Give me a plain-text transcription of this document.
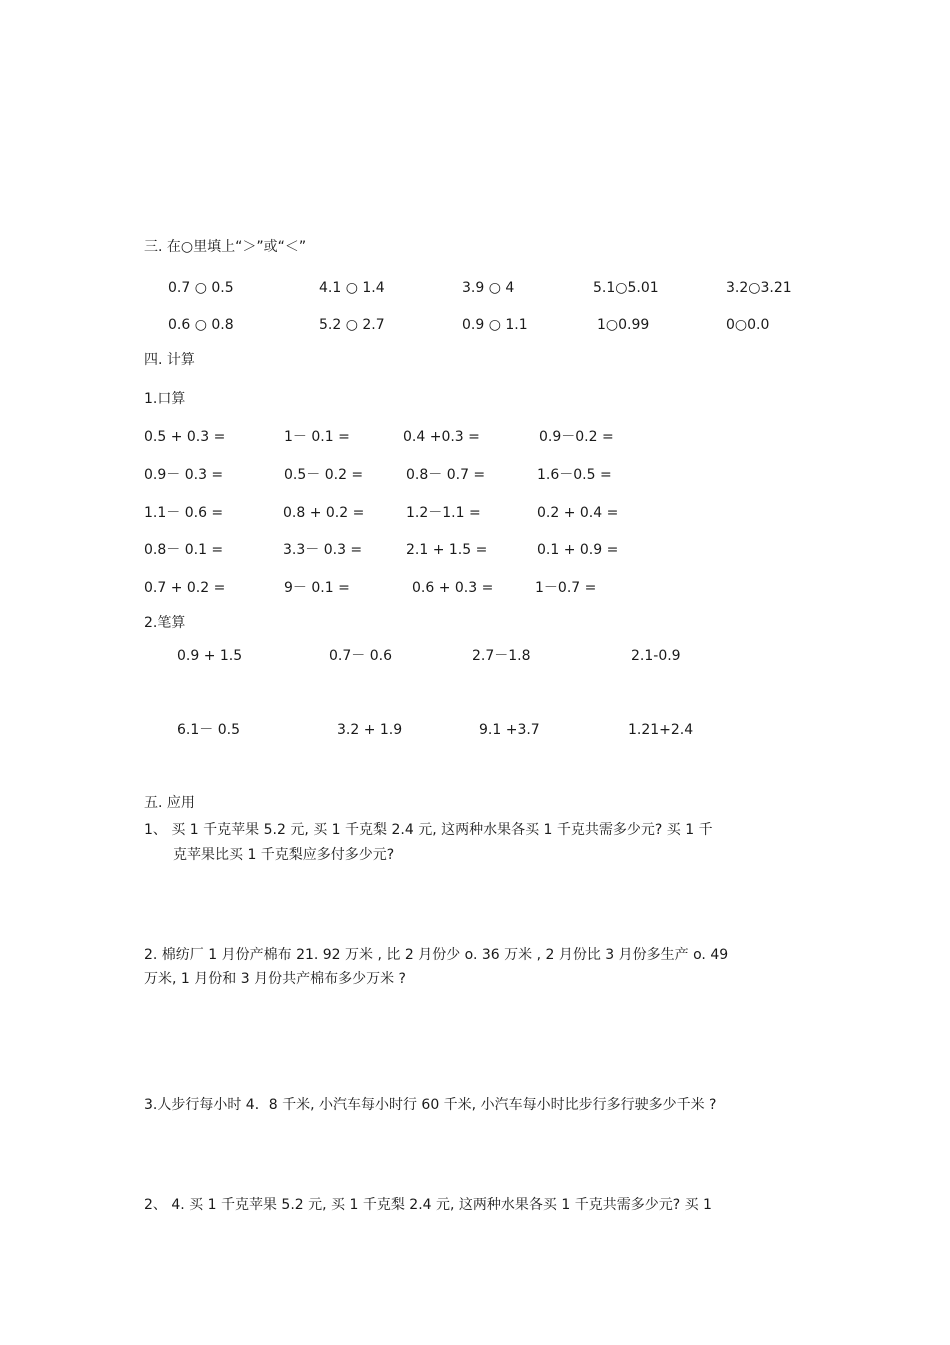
三. 在○里填上“＞”或“＜”
0.7 ○ 0.5	4.1 ○ 1.4	3.9 ○ 4	5.1○5.01	3.2○3.21
0.6 ○ 0.8	5.2 ○ 2.7	0.9 ○ 1.1	1○0.99	0○0.0
四. 计算
1.口算
0.5 + 0.3 =	1－ 0.1 =	0.4 +0.3 =	0.9－0.2 =
0.9－ 0.3 =	0.5－ 0.2 =	0.8－ 0.7 =	1.6－0.5 =
1.1－ 0.6 =	0.8 + 0.2 =	1.2－1.1 =	0.2 + 0.4 =
0.8－ 0.1 =	3.3－ 0.3 =	2.1 + 1.5 =	0.1 + 0.9 =
0.7 + 0.2 =	9－ 0.1 =	0.6 + 0.3 =	1－0.7 =
2.笔算
0.9 + 1.5	0.7－ 0.6	2.7－1.8	2.1-0.9
6.1－ 0.5	3.2 + 1.9	9.1 +3.7	1.21+2.4
五. 应用
1、 买 1 千克苹果 5.2 元, 买 1 千克梨 2.4 元, 这两种水果各买 1 千克共需多少元? 买 1 千
克苹果比买 1 千克梨应多付多少元?
2. 棉纺厂 1 月份产棉布 21. 92 万米 , 比 2 月份少 o. 36 万米 , 2 月份比 3 月份多生产 o. 49
万米, 1 月份和 3 月份共产棉布多少万米 ?
3.人步行每小时 4．8 千米, 小汽车每小时行 60 千米, 小汽车每小时比步行多行驶多少千米 ?
2、 4. 买 1 千克苹果 5.2 元, 买 1 千克梨 2.4 元, 这两种水果各买 1 千克共需多少元? 买 1
